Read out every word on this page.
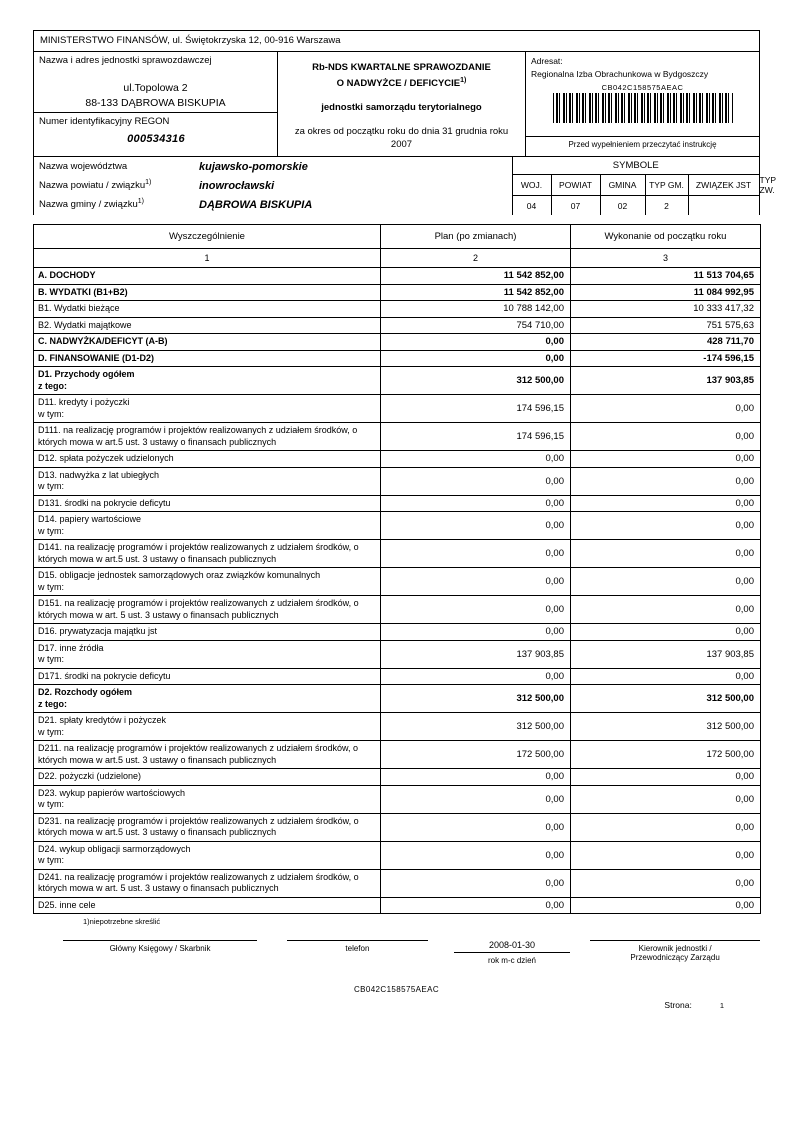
MINISTERSTWO FINANSÓW, ul. Świętokrzyska 12, 00-916 Warszawa
Nazwa i adres jednostki sprawozdawczej
ul.Topolowa 2
88-133 DĄBROWA BISKUPIA
Numer identyfikacyjny REGON
000534316
Rb-NDS KWARTALNE SPRAWOZDANIE
O NADWYŻCE / DEFICYCIE$^{1)}$
jednostki samorządu terytorialnego
za okres od początku roku do dnia 31 grudnia roku 2007
Adresat:
Regionalna Izba Obrachunkowa w Bydgoszczy
CB042C158575AEAC
Przed wypełnieniem przeczytać instrukcję
Nazwa województwa	kujawsko-pomorskie
Nazwa powiatu / związku$^{1)}$	inowrocławski
Nazwa gminy / związku$^{1)}$	DĄBROWA BISKUPIA
SYMBOLE
WOJ.	POWIAT	GMINA	TYP GM.	ZWIĄZEK JST	TYP ZW.
04	07	02	2		
Wyszczególnienie	Plan (po zmianach)	Wykonanie od początku roku
1	2	3

A. DOCHODY	11 542 852,00	11 513 704,65

B. WYDATKI (B1+B2)	11 542 852,00	11 084 992,95

B1. Wydatki bieżące	10 788 142,00	10 333 417,32

B2. Wydatki majątkowe	754 710,00	751 575,63

C. NADWYŻKA/DEFICYT (A-B)	0,00	428 711,70

D. FINANSOWANIE (D1-D2)	0,00	-174 596,15

D1. Przychody ogółem
z tego:	312 500,00	137 903,85

D11. kredyty i pożyczki
w tym:	174 596,15	0,00

D111. na realizację programów i projektów realizowanych z udziałem środków, o których mowa w art.5 ust. 3 ustawy o finansach publicznych	174 596,15	0,00

D12. spłata pożyczek udzielonych	0,00	0,00

D13. nadwyżka z lat ubiegłych
w tym:	0,00	0,00

D131. środki na pokrycie deficytu	0,00	0,00

D14. papiery wartościowe
w tym:	0,00	0,00

D141. na realizację programów i projektów realizowanych z udziałem środków, o których mowa w art.5 ust. 3 ustawy o finansach publicznych	0,00	0,00

D15. obligacje jednostek samorządowych oraz związków komunalnych
w tym:	0,00	0,00

D151. na realizację programów i projektów realizowanych z udziałem środków, o których mowa w art. 5 ust. 3 ustawy o finansach publicznych	0,00	0,00

D16. prywatyzacja majątku jst	0,00	0,00

D17. inne źródła
w tym:	137 903,85	137 903,85

D171. środki na pokrycie deficytu	0,00	0,00

D2. Rozchody ogółem
z tego:	312 500,00	312 500,00

D21. spłaty kredytów i pożyczek
w tym:	312 500,00	312 500,00

D211. na realizację programów i projektów realizowanych z udziałem środków, o których mowa w art.5 ust. 3 ustawy o finansach publicznych	172 500,00	172 500,00

D22. pożyczki (udzielone)	0,00	0,00

D23. wykup papierów wartościowych
w tym:	0,00	0,00

D231. na realizację programów i projektów realizowanych z udziałem środków, o których mowa w art.5 ust. 3 ustawy o finansach publicznych	0,00	0,00

D24. wykup obligacji sarmorządowych
w tym:	0,00	0,00

D241. na realizację programów i projektów realizowanych z udziałem środków, o których mowa w art. 5 ust. 3 ustawy o finansach publicznych	0,00	0,00

D25. inne cele	0,00	0,00
1)niepotrzebne skreślić
Główny Księgowy / Skarbnik	telefon	2008-01-30
rok m-c dzień
Kierownik jednostki /
Przewodniczący Zarządu
CB042C158575AEAC
Strona:	1
